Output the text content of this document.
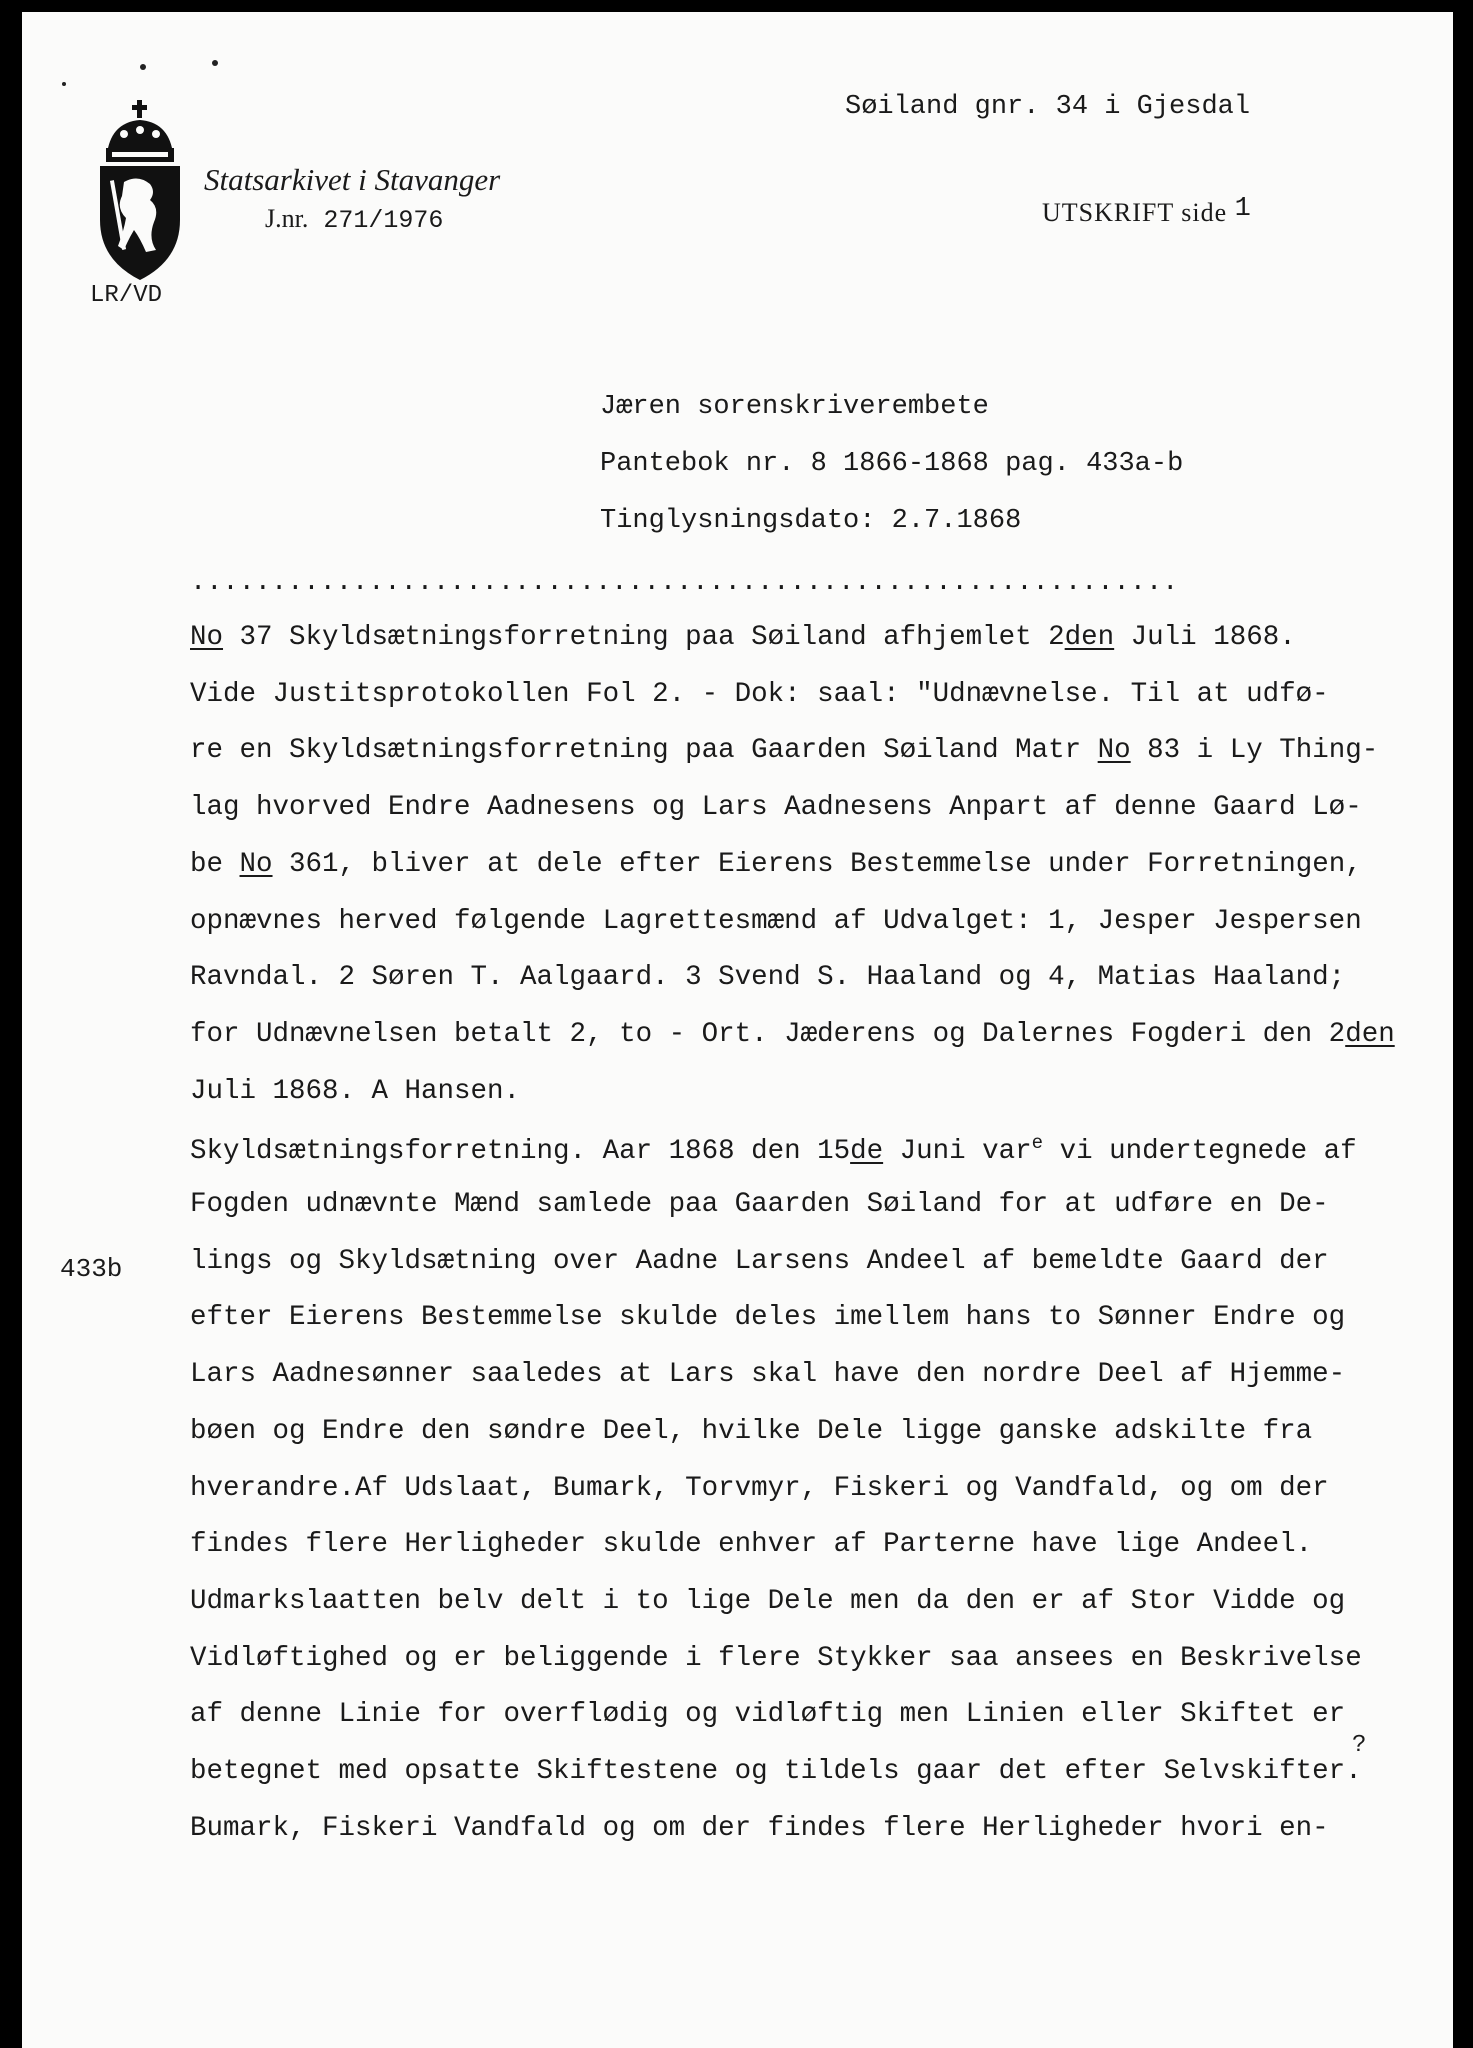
Statsarkivet i Stavanger
J.nr. 271/1976
LR/VD
Søiland gnr. 34 i Gjesdal
UTSKRIFT side 1
Jæren sorenskriverembete
Pantebok nr. 8 1866-1868 pag. 433a-b
Tinglysningsdato: 2.7.1868
.............................................................
433b
No 37 Skyldsætningsforretning paa Søiland afhjemlet 2den Juli 1868.
Vide Justitsprotokollen Fol 2. - Dok: saal: "Udnævnelse. Til at udfø-
re en Skyldsætningsforretning paa Gaarden Søiland Matr No 83 i Ly Thing-
lag hvorved Endre Aadnesens og Lars Aadnesens Anpart af denne Gaard Lø-
be No 361, bliver at dele efter Eierens Bestemmelse under Forretningen,
opnævnes herved følgende Lagrettesmænd af Udvalget: 1, Jesper Jespersen
Ravndal. 2 Søren T. Aalgaard. 3 Svend S. Haaland og 4, Matias Haaland;
for Udnævnelsen betalt 2, to - Ort. Jæderens og Dalernes Fogderi den 2den
Juli 1868. A Hansen.
Skyldsætningsforretning. Aar 1868 den 15de Juni var$^e$ vi undertegnede af
Fogden udnævnte Mænd samlede paa Gaarden Søiland for at udføre en De-
lings og Skyldsætning over Aadne Larsens Andeel af bemeldte Gaard der
efter Eierens Bestemmelse skulde deles imellem hans to Sønner Endre og
Lars Aadnesønner saaledes at Lars skal have den nordre Deel af Hjemme-
bøen og Endre den søndre Deel, hvilke Dele ligge ganske adskilte fra
hverandre.Af Udslaat, Bumark, Torvmyr, Fiskeri og Vandfald, og om der
findes flere Herligheder skulde enhver af Parterne have lige Andeel.
Udmarkslaatten belv delt i to lige Dele men da den er af Stor Vidde og
Vidløftighed og er beliggende i flere Stykker saa ansees en Beskrivelse
af denne Linie for overflødig og vidløftig men Linien eller Skiftet er
betegnet med opsatte Skiftestene og tildels gaar det efter Selvskifter.
Bumark, Fiskeri Vandfald og om der findes flere Herligheder hvori en-
?
